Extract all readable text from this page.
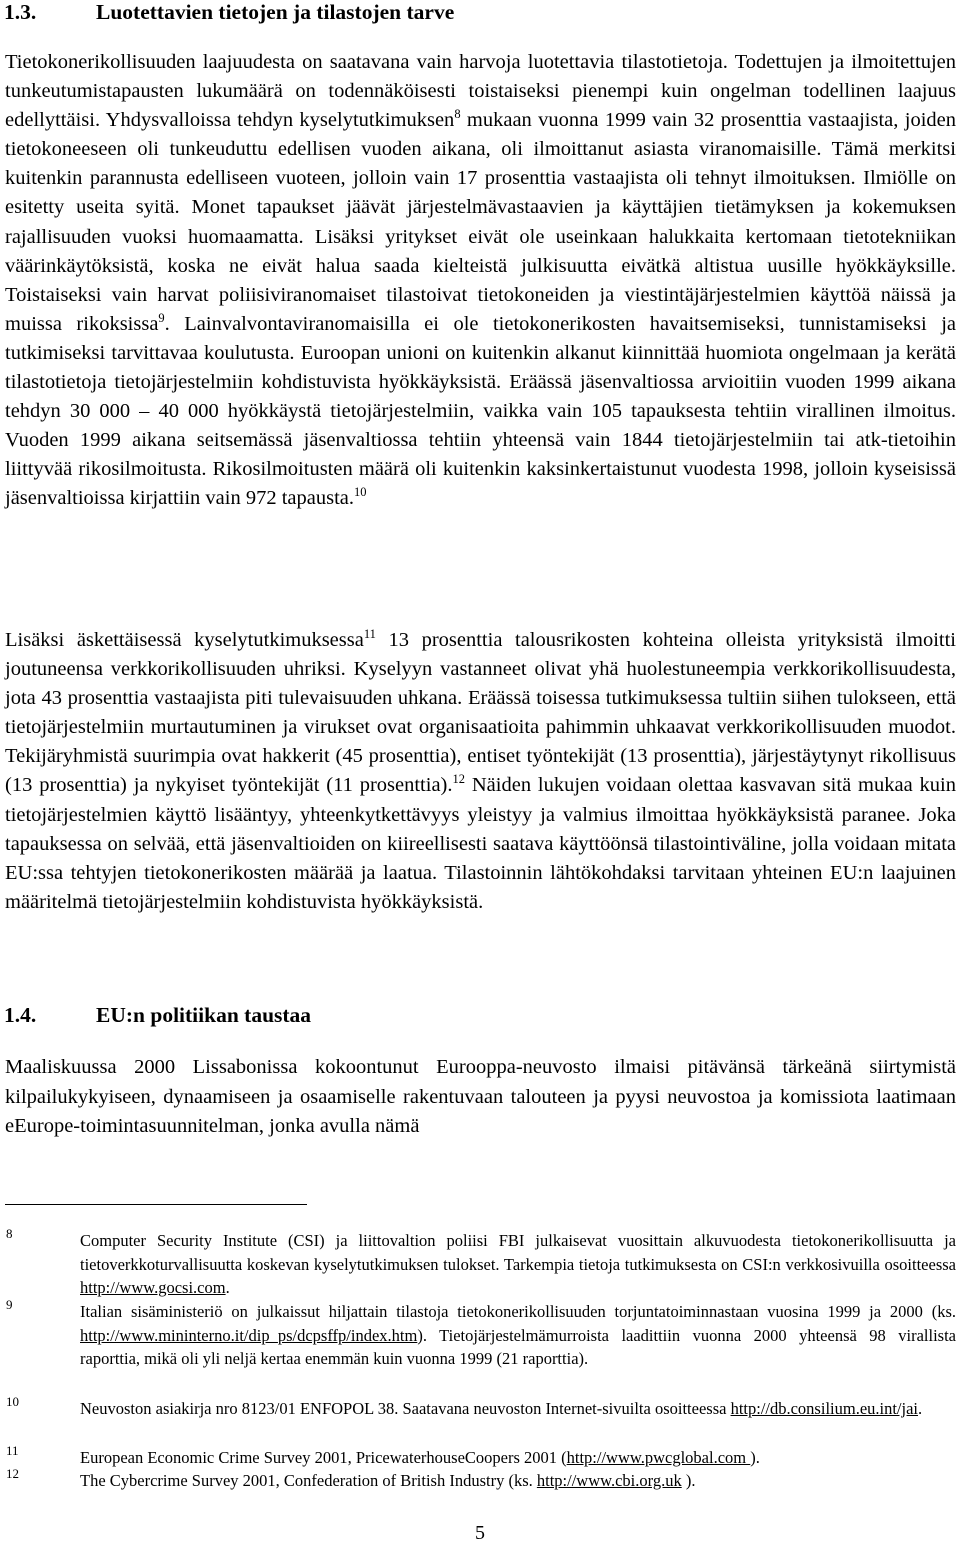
1.3.	Luotettavien tietojen ja tilastojen tarve

Tietokonerikollisuuden laajuudesta on saatavana vain harvoja luotettavia tilastotietoja. Todettujen ja ilmoitettujen tunkeutumistapausten lukumäärä on todennäköisesti toistaiseksi pienempi kuin ongelman todellinen laajuus edellyttäisi. Yhdysvalloissa tehdyn kyselytutkimuksen$^8$ mukaan vuonna 1999 vain 32 prosenttia vastaajista, joiden tietokoneeseen oli tunkeuduttu edellisen vuoden aikana, oli ilmoittanut asiasta viranomaisille. Tämä merkitsi kuitenkin parannusta edelliseen vuoteen, jolloin vain 17 prosenttia vastaajista oli tehnyt ilmoituksen. Ilmiölle on esitetty useita syitä. Monet tapaukset jäävät järjestelmävastaavien ja käyttäjien tietämyksen ja kokemuksen rajallisuuden vuoksi huomaamatta. Lisäksi yritykset eivät ole useinkaan halukkaita kertomaan tietotekniikan väärinkäytöksistä, koska ne eivät halua saada kielteistä julkisuutta eivätkä altistua uusille hyökkäyksille. Toistaiseksi vain harvat poliisiviranomaiset tilastoivat tietokoneiden ja viestintäjärjestelmien käyttöä näissä ja muissa rikoksissa$^9$. Lainvalvontaviranomaisilla ei ole tietokonerikosten havaitsemiseksi, tunnistamiseksi ja tutkimiseksi tarvittavaa koulutusta. Euroopan unioni on kuitenkin alkanut kiinnittää huomiota ongelmaan ja kerätä tilastotietoja tietojärjestelmiin kohdistuvista hyökkäyksistä. Eräässä jäsenvaltiossa arvioitiin vuoden 1999 aikana tehdyn 30 000 – 40 000 hyökkäystä tietojärjestelmiin, vaikka vain 105 tapauksesta tehtiin virallinen ilmoitus. Vuoden 1999 aikana seitsemässä jäsenvaltiossa tehtiin yhteensä vain 1844 tietojärjestelmiin tai atk-tietoihin liittyvää rikosilmoitusta. Rikosilmoitusten määrä oli kuitenkin kaksinkertaistunut vuodesta 1998, jolloin kyseisissä jäsenvaltioissa kirjattiin vain 972 tapausta.$^{10}$

Lisäksi äskettäisessä kyselytutkimuksessa$^{11}$ 13 prosenttia talousrikosten kohteina olleista yrityksistä ilmoitti joutuneensa verkkorikollisuuden uhriksi. Kyselyyn vastanneet olivat yhä huolestuneempia verkkorikollisuudesta, jota 43 prosenttia vastaajista piti tulevaisuuden uhkana. Eräässä toisessa tutkimuksessa tultiin siihen tulokseen, että tietojärjestelmiin murtautuminen ja virukset ovat organisaatioita pahimmin uhkaavat verkkorikollisuuden muodot. Tekijäryhmistä suurimpia ovat hakkerit (45 prosenttia), entiset työntekijät (13 prosenttia), järjestäytynyt rikollisuus (13 prosenttia) ja nykyiset työntekijät (11 prosenttia).$^{12}$ Näiden lukujen voidaan olettaa kasvavan sitä mukaa kuin tietojärjestelmien käyttö lisääntyy, yhteenkytkettävyys yleistyy ja valmius ilmoittaa hyökkäyksistä paranee. Joka tapauksessa on selvää, että jäsenvaltioiden on kiireellisesti saatava käyttöönsä tilastointiväline, jolla voidaan mitata EU:ssa tehtyjen tietokonerikosten määrää ja laatua. Tilastoinnin lähtökohdaksi tarvitaan yhteinen EU:n laajuinen määritelmä tietojärjestelmiin kohdistuvista hyökkäyksistä.

1.4.	EU:n politiikan taustaa

Maaliskuussa 2000 Lissabonissa kokoontunut Eurooppa-neuvosto ilmaisi pitävänsä tärkeänä siirtymistä kilpailukykyiseen, dynaamiseen ja osaamiselle rakentuvaan talouteen ja pyysi neuvostoa ja komissiota laatimaan eEurope-toimintasuunnitelman, jonka avulla nämä

8	Computer Security Institute (CSI) ja liittovaltion poliisi FBI julkaisevat vuosittain alkuvuodesta tietokonerikollisuutta ja tietoverkkoturvallisuutta koskevan kyselytutkimuksen tulokset. Tarkempia tietoja tutkimuksesta on CSI:n verkkosivuilla osoitteessa http://www.gocsi.com.

9	Italian sisäministeriö on julkaissut hiljattain tilastoja tietokonerikollisuuden torjuntatoiminnastaan vuosina 1999 ja 2000 (ks. http://www.mininterno.it/dip_ps/dcpsffp/index.htm). Tietojärjestelmämurroista laadittiin vuonna 2000 yhteensä 98 virallista raporttia, mikä oli yli neljä kertaa enemmän kuin vuonna 1999 (21 raporttia).

10	Neuvoston asiakirja nro 8123/01 ENFOPOL 38. Saatavana neuvoston Internet-sivuilta osoitteessa http://db.consilium.eu.int/jai.

11	European Economic Crime Survey 2001, PricewaterhouseCoopers 2001 (http://www.pwcglobal.com ).

12	The Cybercrime Survey 2001, Confederation of British Industry (ks. http://www.cbi.org.uk ).

5
